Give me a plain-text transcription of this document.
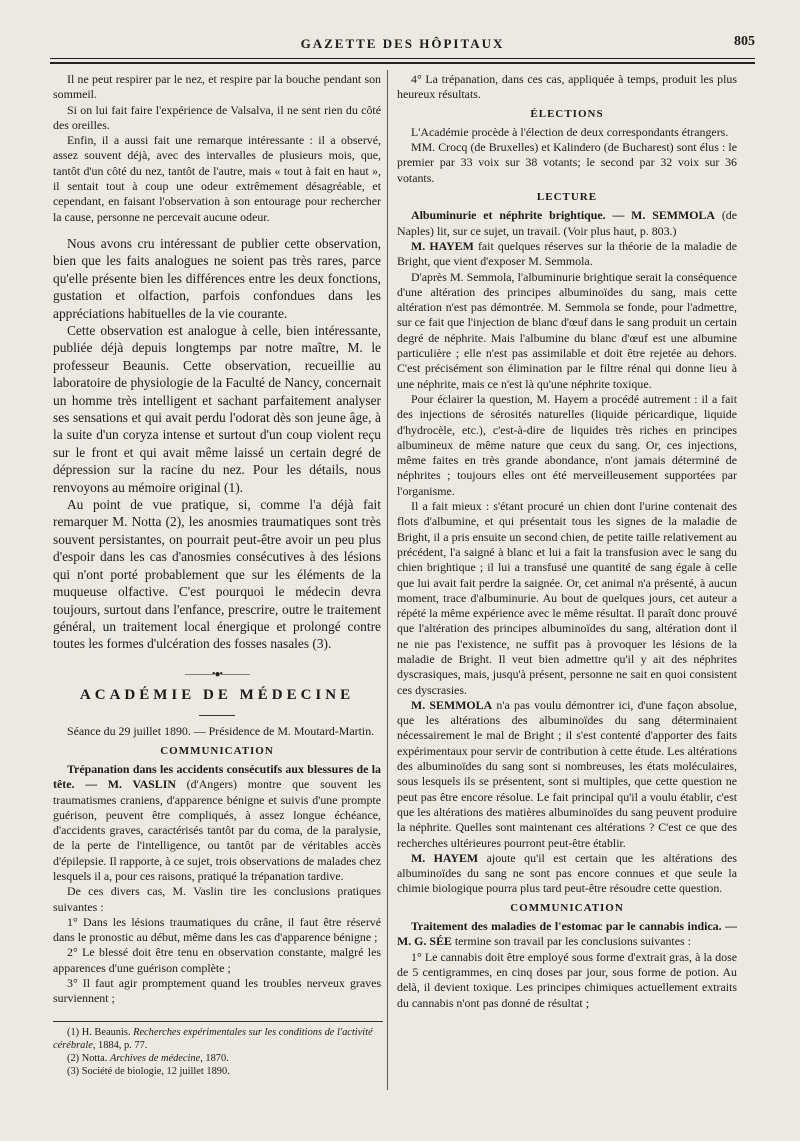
GAZETTE DES HÔPITAUX	805

Il ne peut respirer par le nez, et respire par la bouche pendant son sommeil.

Si on lui fait faire l'expérience de Valsalva, il ne sent rien du côté des oreilles.

Enfin, il a aussi fait une remarque intéressante : il a observé, assez souvent déjà, avec des intervalles de plusieurs mois, que, tantôt d'un côté du nez, tantôt de l'autre, mais « tout à fait en haut », il sentait tout à coup une odeur extrêmement désagréable, et cependant, en faisant l'observation à son entourage pour rechercher la cause, personne ne percevait aucune odeur.

Nous avons cru intéressant de publier cette observation, bien que les faits analogues ne soient pas très rares, parce qu'elle présente bien les différences entre les deux fonctions, gustation et olfaction, parfois confondues dans les appréciations habituelles de la vie courante.

Cette observation est analogue à celle, bien intéressante, publiée déjà depuis longtemps par notre maître, M. le professeur Beaunis. Cette observation, recueillie au laboratoire de physiologie de la Faculté de Nancy, concernait un homme très intelligent et sachant parfaitement analyser ses sensations et qui avait perdu l'odorat dès son jeune âge, à la suite d'un coryza intense et surtout d'un coup violent reçu sur le front et qui avait même laissé un certain degré de dépression sur la racine du nez. Pour les détails, nous renvoyons au mémoire original (1).

Au point de vue pratique, si, comme l'a déjà fait remarquer M. Notta (2), les anosmies traumatiques sont très souvent persistantes, on pourrait peut-être avoir un peu plus d'espoir dans les cas d'anosmies consécutives à des lésions qui n'ont porté probablement que sur les éléments de la muqueuse olfactive. C'est pourquoi le médecin devra toujours, surtout dans l'enfance, prescrire, outre le traitement général, un traitement local énergique et prolongé contre toutes les formes d'ulcération des fosses nasales (3).

———•●•———
ACADÉMIE DE MÉDECINE

Séance du 29 juillet 1890. — Présidence de M. Moutard-Martin.

COMMUNICATION

Trépanation dans les accidents consécutifs aux blessures de la tête. — M. VASLIN (d'Angers) montre que souvent les traumatismes craniens, d'apparence bénigne et suivis d'une prompte guérison, peuvent être compliqués, à assez longue échéance, d'accidents graves, caractérisés tantôt par du coma, de la paralysie, de la perte de l'intelligence, ou tantôt par de véritables accès d'épilepsie. Il rapporte, à ce sujet, trois observations de malades chez lesquels il a, pour ces raisons, pratiqué la trépanation tardive.

De ces divers cas, M. Vaslin tire les conclusions pratiques suivantes :

1° Dans les lésions traumatiques du crâne, il faut être réservé dans le pronostic au début, même dans les cas d'apparence bénigne ;

2° Le blessé doit être tenu en observation constante, malgré les apparences d'une guérison complète ;

3° Il faut agir promptement quand les troubles nerveux graves surviennent ;

(1) H. Beaunis. Recherches expérimentales sur les conditions de l'activité cérébrale, 1884, p. 77.

(2) Notta. Archives de médecine, 1870.

(3) Société de biologie, 12 juillet 1890.

4° La trépanation, dans ces cas, appliquée à temps, produit les plus heureux résultats.

ÉLECTIONS

L'Académie procède à l'élection de deux correspondants étrangers.

MM. Crocq (de Bruxelles) et Kalindero (de Bucharest) sont élus : le premier par 33 voix sur 38 votants; le second par 32 voix sur 36 votants.

LECTURE

Albuminurie et néphrite brightique. — M. SEMMOLA (de Naples) lit, sur ce sujet, un travail. (Voir plus haut, p. 803.)

M. HAYEM fait quelques réserves sur la théorie de la maladie de Bright, que vient d'exposer M. Semmola.

D'après M. Semmola, l'albuminurie brightique serait la conséquence d'une altération des principes albuminoïdes du sang, mais cette altération n'est pas démontrée. M. Semmola se fonde, pour l'admettre, sur ce fait que l'injection de blanc d'œuf dans le sang produit un certain degré de néphrite. Mais l'albumine du blanc d'œuf est une albumine particulière ; elle n'est pas assimilable et doit être rejetée au dehors. C'est précisément son élimination par le filtre rénal qui donne lieu à une néphrite, mais ce n'est là qu'une néphrite toxique.

Pour éclairer la question, M. Hayem a procédé autrement : il a fait des injections de sérosités naturelles (liquide péricardique, liquide d'hydrocèle, etc.), c'est-à-dire de liquides très riches en principes albumineux de même nature que ceux du sang. Or, ces injections, même faites en très grande abondance, n'ont jamais déterminé de néphrites ; toujours elles ont été merveilleusement supportées par l'organisme.

Il a fait mieux : s'étant procuré un chien dont l'urine contenait des flots d'albumine, et qui présentait tous les signes de la maladie de Bright, il a pris ensuite un second chien, de petite taille relativement au précédent, l'a saigné à blanc et lui a fait la transfusion avec le sang du chien brightique ; il lui a transfusé une quantité de sang égale à celle que lui avait fait perdre la saignée. Or, cet animal n'a présenté, à aucun moment, trace d'albuminurie. Au bout de quelques jours, cet auteur a répété la même expérience avec le même résultat. Il paraît donc prouvé que l'altération des principes albuminoïdes du sang, altération dont il ne nie pas l'existence, ne suffit pas à provoquer les lésions de la maladie de Bright. Il veut bien admettre qu'il y ait des néphrites dyscrasiques, mais, jusqu'à présent, personne ne sait en quoi consistent ces dyscrasies.

M. SEMMOLA n'a pas voulu démontrer ici, d'une façon absolue, que les altérations des albuminoïdes du sang déterminaient nécessairement le mal de Bright ; il s'est contenté d'apporter des faits expérimentaux pour servir de contribution à cette étude. Les altérations des albuminoïdes du sang sont si nombreuses, les états moléculaires, sous lesquels ils se présentent, sont si multiples, que cette question ne peut pas être encore résolue. Le fait principal qu'il a voulu établir, c'est que les altérations des matières albuminoïdes du sang peuvent produire la néphrite. Quelles sont maintenant ces altérations ? C'est ce que des recherches ultérieures pourront peut-être établir.

M. HAYEM ajoute qu'il est certain que les altérations des albuminoïdes du sang ne sont pas encore connues et que seule la chimie biologique pourra plus tard peut-être résoudre cette question.

COMMUNICATION

Traitement des maladies de l'estomac par le cannabis indica. — M. G. SÉE termine son travail par les conclusions suivantes :

1° Le cannabis doit être employé sous forme d'extrait gras, à la dose de 5 centigrammes, en cinq doses par jour, sous forme de potion. Au delà, il devient toxique. Les principes chimiques actuellement extraits du cannabis n'ont pas donné de résultat ;
